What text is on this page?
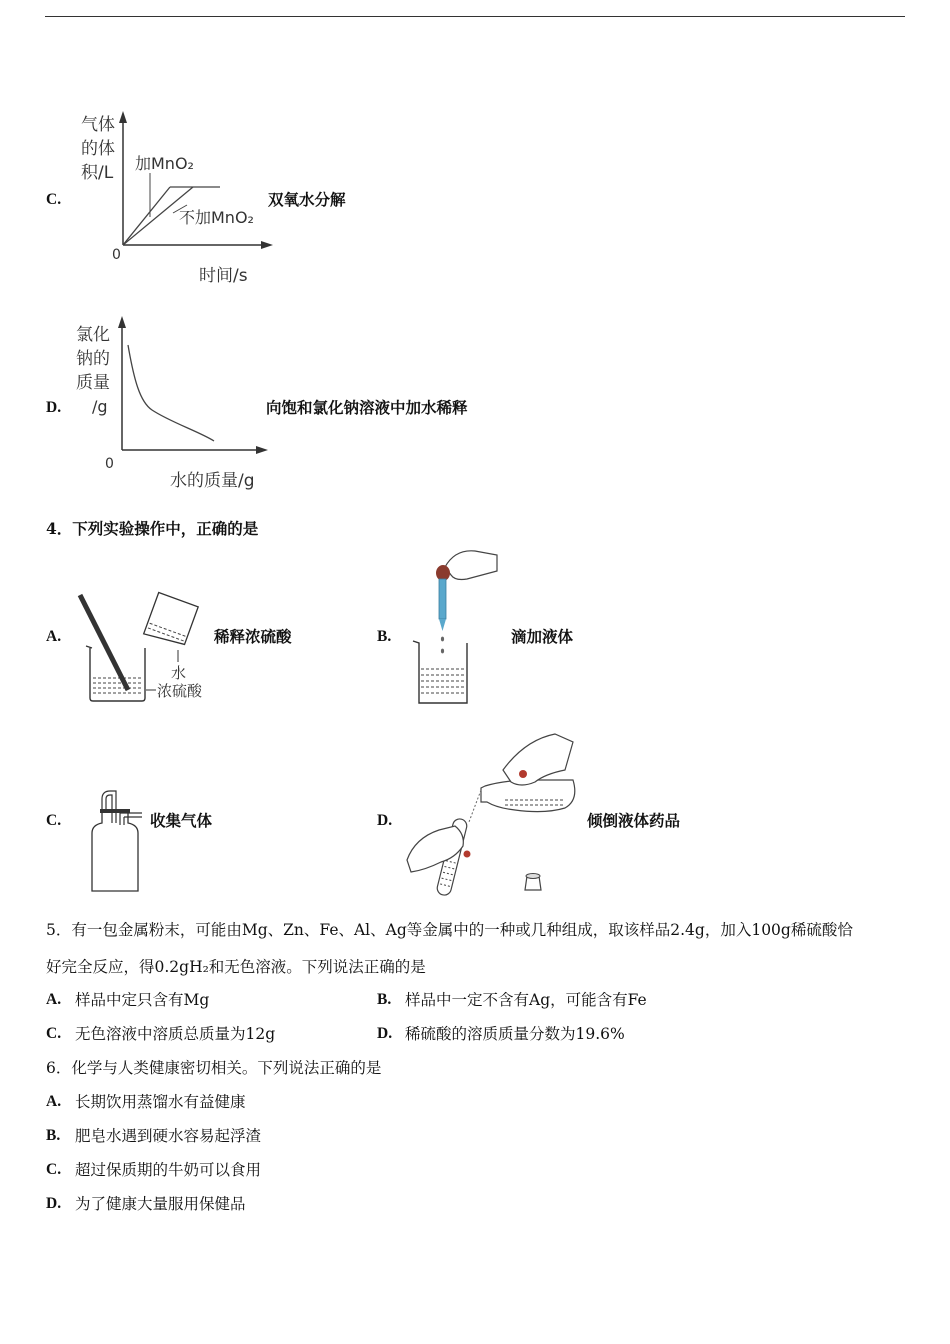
C.
气体
的体
积/L
0
时间/s
加MnO₂
不加MnO₂
双氧水分解
D.
氯化
钠的
质量
/g
0
水的质量/g
向饱和氯化钠溶液中加水稀释
4．下列实验操作中，正确的是
A.
水
浓硫酸
稀释浓硫酸	B.	滴加液体
C.	收集气体	D.	倾倒液体药品
5．有一包金属粉末，可能由Mg、Zn、Fe、Al、Ag等金属中的一种或几种组成，取该样品2.4g，加入100g稀硫酸恰
好完全反应，得0.2gH₂和无色溶液。下列说法正确的是
A. 样品中定只含有Mg	B. 样品中一定不含有Ag，可能含有Fe
C. 无色溶液中溶质总质量为12g	D. 稀硫酸的溶质质量分数为19.6%
6．化学与人类健康密切相关。下列说法正确的是
A. 长期饮用蒸馏水有益健康
B. 肥皂水遇到硬水容易起浮渣
C. 超过保质期的牛奶可以食用
D. 为了健康大量服用保健品
